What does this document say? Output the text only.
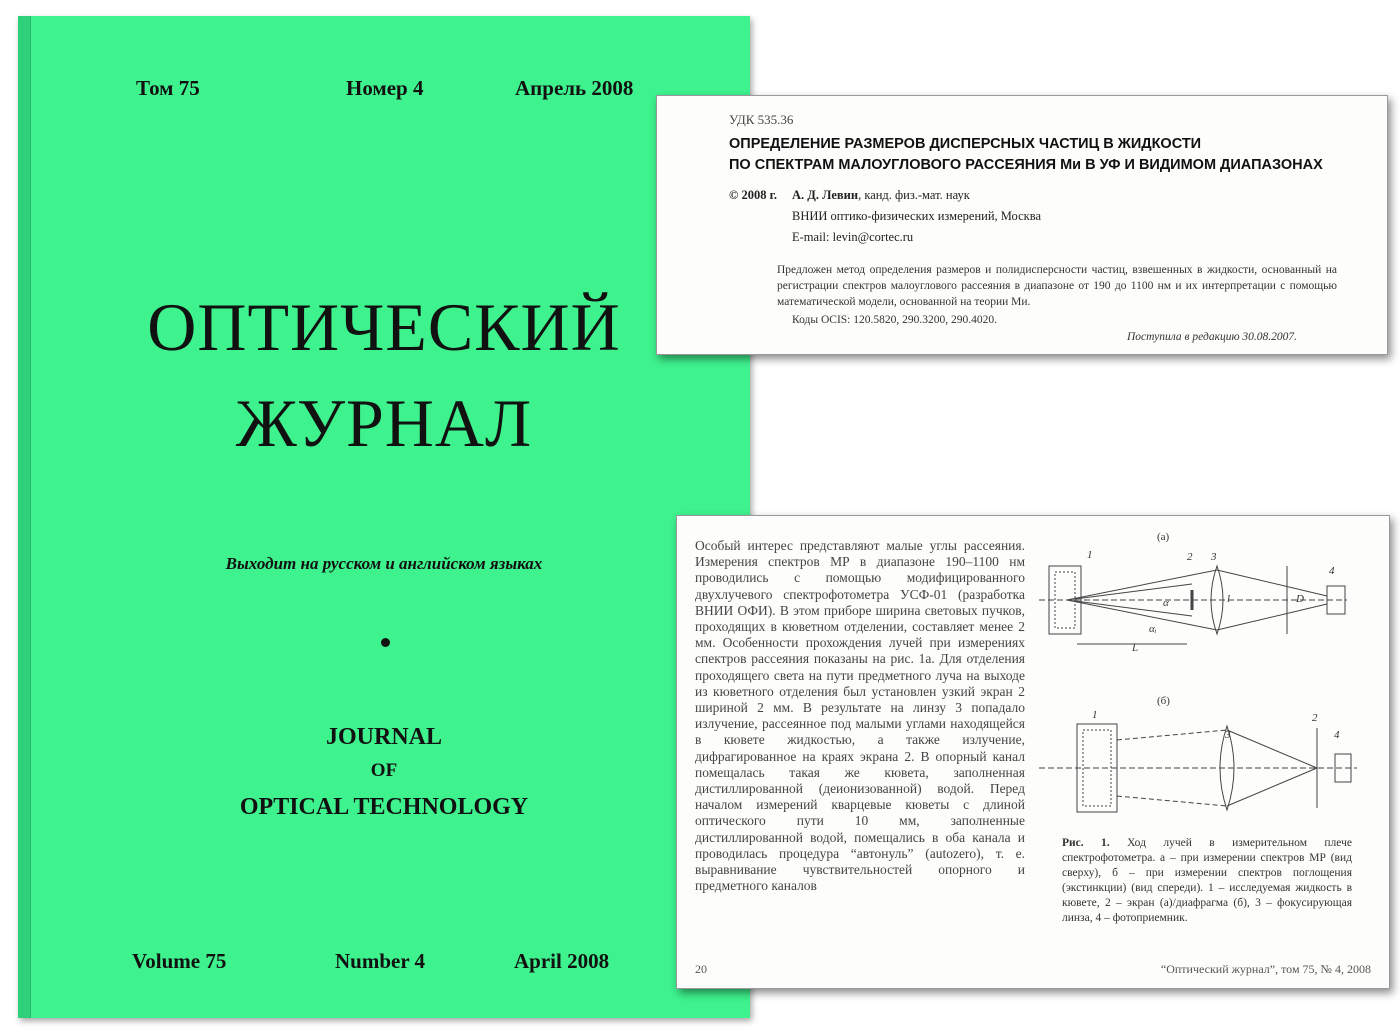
Том 75	Номер 4	Апрель 2008
ОПТИЧЕСКИЙ
ЖУРНАЛ
Выходит на русском и английском языках
JOURNAL
OF
OPTICAL TECHNOLOGY
Volume 75	Number 4	April 2008
УДК 535.36
ОПРЕДЕЛЕНИЕ РАЗМЕРОВ ДИСПЕРСНЫХ ЧАСТИЦ В ЖИДКОСТИ
ПО СПЕКТРАМ МАЛОУГЛОВОГО РАССЕЯНИЯ Ми В УФ И ВИДИМОМ ДИАПАЗОНАХ
© 2008 г. А. Д. Левин, канд. физ.-мат. наук
ВНИИ оптико-физических измерений, Москва
E-mail: levin@cortec.ru
Предложен метод определения размеров и полидисперсности частиц, взвешенных в жидкости, основанный на регистрации спектров малоуглового рассеяния в диапазоне от 190 до 1100 нм и их интерпретации с помощью математической модели, основанной на теории Ми.
Коды OCIS: 120.5820, 290.3200, 290.4020.
Поступила в редакцию 30.08.2007.

Особый интерес представляют малые углы рассеяния. Измерения спектров МР в диапазоне 190–1100 нм проводились с помощью модифицированного двухлучевого спектрофотометра УСФ-01 (разработка ВНИИ ОФИ). В этом приборе ширина световых пучков, проходящих в кюветном отделении, составляет менее 2 мм. Особенности прохождения лучей при измерениях спектров рассеяния показаны на рис. 1а. Для отделения проходящего света на пути предметного луча на выходе из кюветного отделения был установлен узкий экран 2 шириной 2 мм. В результате на линзу 3 попадало излучение, рассеянное под малыми углами находящейся в кювете жидкостью, а также излучение, дифрагированное на краях экрана 2. В опорный канал помещалась такая же кювета, заполненная дистиллированной (деионизованной) водой. Перед началом измерений кварцевые кюветы с длиной оптического пути 10 мм, заполненные дистиллированной водой, помещались в оба канала и проводилась процедура “автонуль” (autozero), т. е. выравнивание чувствительностей опорного и предметного каналов

(а)
(б)
1	2 3
4
α
αᵢ
L
D
l
1	2
3	4
Рис. 1. Ход лучей в измерительном плече спектрофотометра. а – при измерении спектров МР (вид сверху), б – при измерении спектров поглощения (экстинкции) (вид спереди). 1 – исследуемая жидкость в кювете, 2 – экран (а)/диафрагма (б), 3 – фокусирующая линза, 4 – фотоприемник.
20	“Оптический журнал”, том 75, № 4, 2008
